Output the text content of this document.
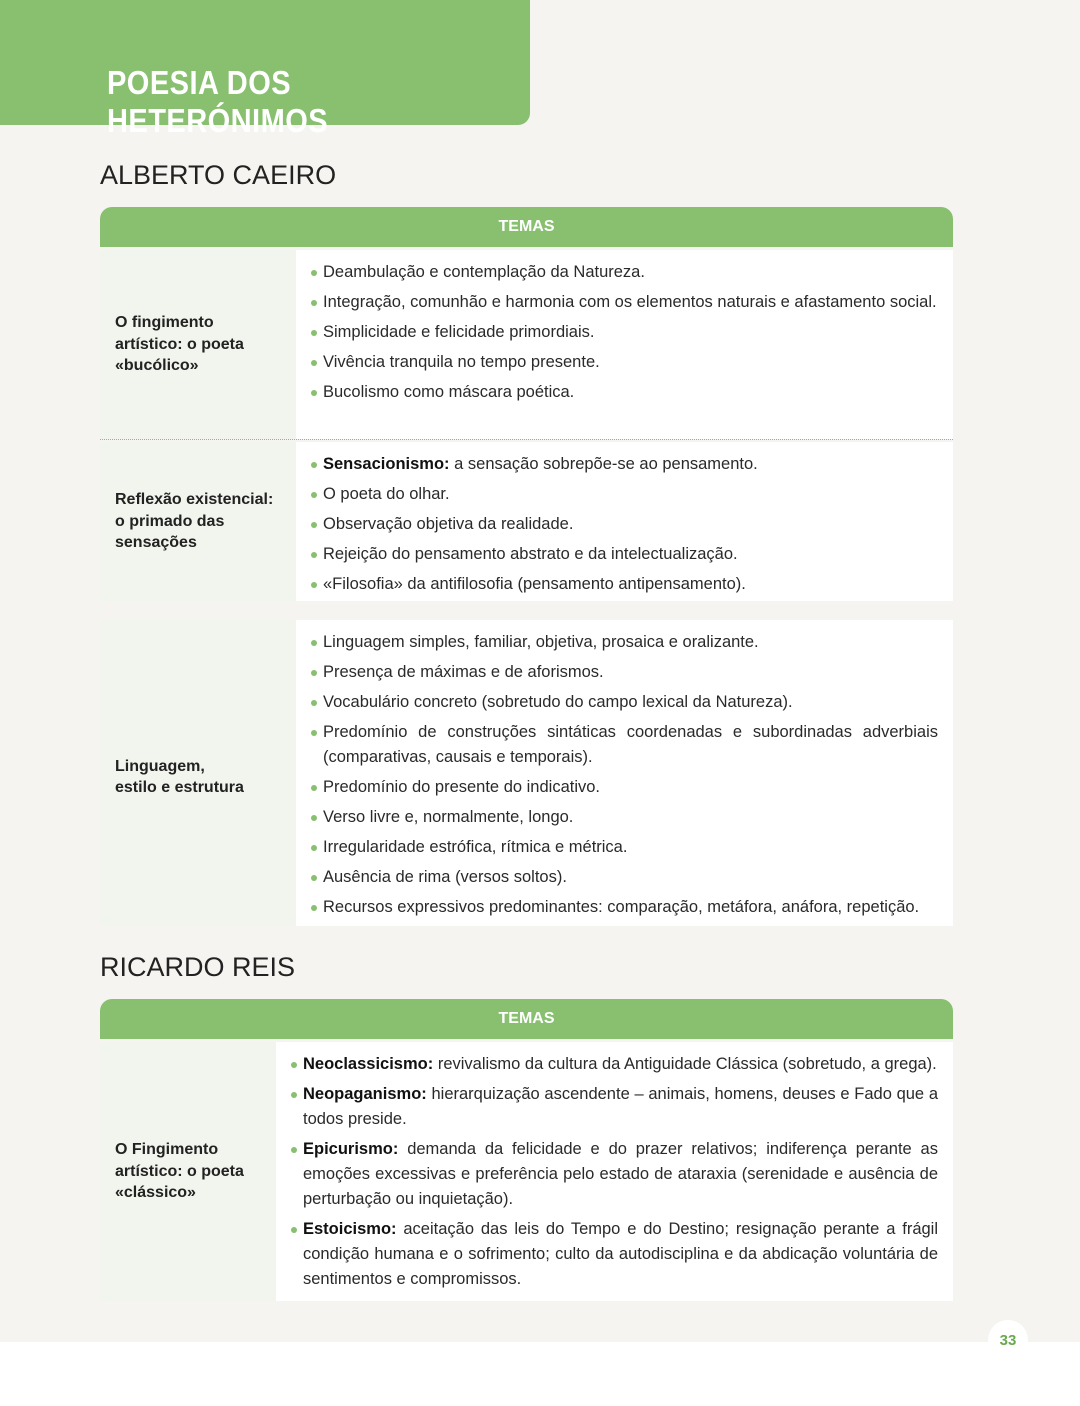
POESIA DOS HETERÓNIMOS
ALBERTO CAEIRO
TEMAS
O fingimento artístico: o poeta «bucólico»
Deambulação e contemplação da Natureza.
Integração, comunhão e harmonia com os elementos naturais e afastamento social.
Simplicidade e felicidade primordiais.
Vivência tranquila no tempo presente.
Bucolismo como máscara poética.
Reflexão existencial: o primado das sensações
Sensacionismo: a sensação sobrepõe-se ao pensamento.
O poeta do olhar.
Observação objetiva da realidade.
Rejeição do pensamento abstrato e da intelectualização.
«Filosofia» da antifilosofia (pensamento antipensamento).
Linguagem, estilo e estrutura
Linguagem simples, familiar, objetiva, prosaica e oralizante.
Presença de máximas e de aforismos.
Vocabulário concreto (sobretudo do campo lexical da Natureza).
Predomínio de construções sintáticas coordenadas e subordinadas adverbiais (comparativas, causais e temporais).
Predomínio do presente do indicativo.
Verso livre e, normalmente, longo.
Irregularidade estrófica, rítmica e métrica.
Ausência de rima (versos soltos).
Recursos expressivos predominantes: comparação, metáfora, anáfora, repetição.
RICARDO REIS
TEMAS
O Fingimento artístico: o poeta «clássico»
Neoclassicismo: revivalismo da cultura da Antiguidade Clássica (sobretudo, a grega).
Neopaganismo: hierarquização ascendente – animais, homens, deuses e Fado que a todos preside.
Epicurismo: demanda da felicidade e do prazer relativos; indiferença perante as emoções excessivas e preferência pelo estado de ataraxia (serenidade e ausência de perturbação ou inquietação).
Estoicismo: aceitação das leis do Tempo e do Destino; resignação perante a frágil condição humana e o sofrimento; culto da autodisciplina e da abdicação voluntária de sentimentos e compromissos.
33
